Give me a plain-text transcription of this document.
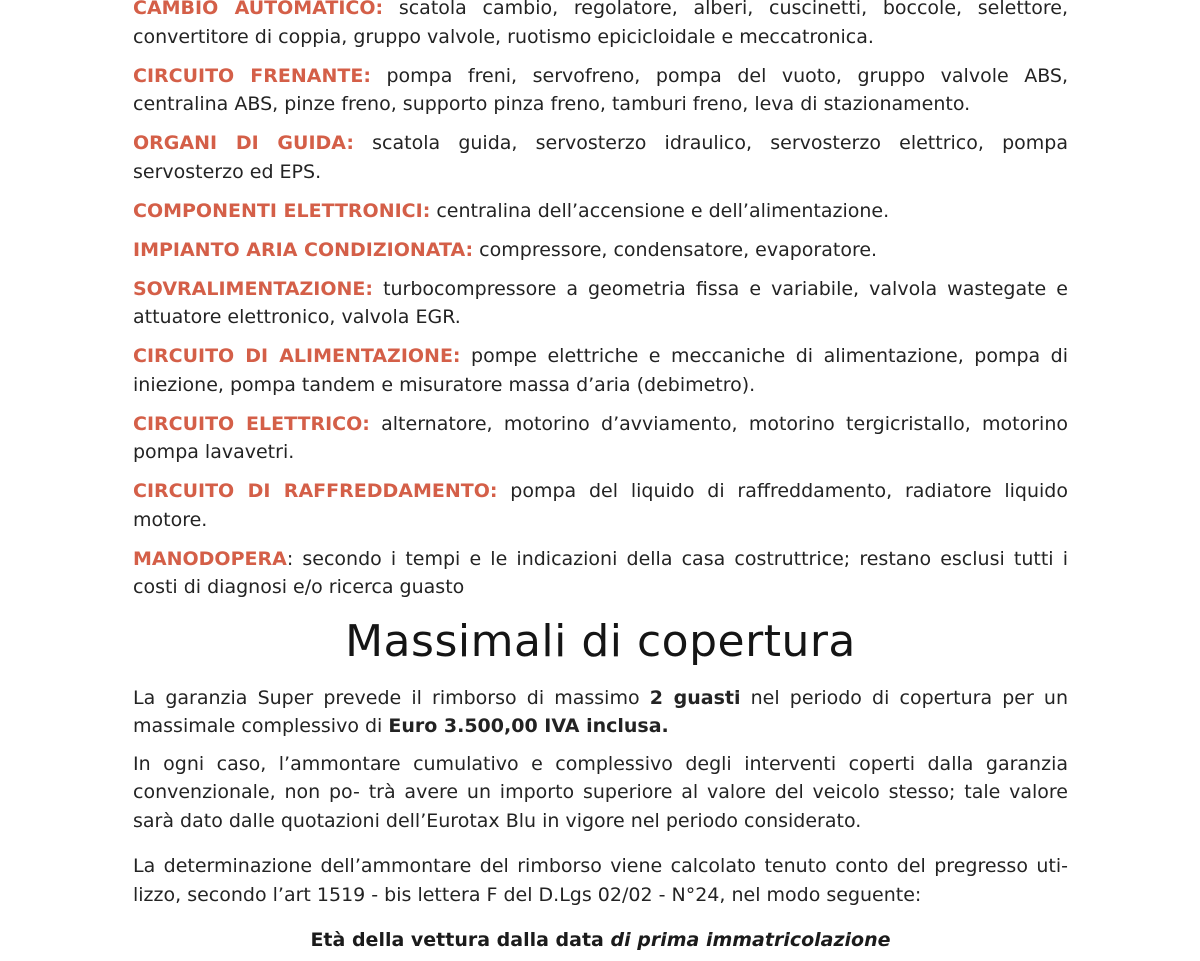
CAMBIO AUTOMATICO: scatola cambio, regolatore, alberi, cuscinetti, boccole, selettore, convertitore di coppia, gruppo valvole, ruotismo epicicloidale e meccatronica.

CIRCUITO FRENANTE: pompa freni, servofreno, pompa del vuoto, gruppo valvole ABS, centralina ABS, pinze freno, supporto pinza freno, tamburi freno, leva di stazionamento.

ORGANI DI GUIDA: scatola guida, servosterzo idraulico, servosterzo elettrico, pompa servosterzo ed EPS.

COMPONENTI ELETTRONICI: centralina dell’accensione e dell’alimentazione.

IMPIANTO ARIA CONDIZIONATA: compressore, condensatore, evaporatore.

SOVRALIMENTAZIONE: turbocompressore a geometria fissa e variabile, valvola wastegate e attuatore elettronico, valvola EGR.

CIRCUITO DI ALIMENTAZIONE: pompe elettriche e meccaniche di alimentazione, pompa di iniezione, pompa tandem e misuratore massa d’aria (debimetro).

CIRCUITO ELETTRICO: alternatore, motorino d’avviamento, motorino tergicristallo, motorino pompa lavavetri.

CIRCUITO DI RAFFREDDAMENTO: pompa del liquido di raffreddamento, radiatore liquido motore.

MANODOPERA: secondo i tempi e le indicazioni della casa costruttrice; restano esclusi tutti i costi di diagnosi e/o ricerca guasto

Massimali di copertura

La garanzia Super prevede il rimborso di massimo 2 guasti nel periodo di copertura per un massimale complessivo di Euro 3.500,00 IVA inclusa.

In ogni caso, l’ammontare cumulativo e complessivo degli interventi coperti dalla garanzia convenzionale, non po- trà avere un importo superiore al valore del veicolo stesso; tale valore sarà dato dalle quotazioni dell’Eurotax Blu in vigore nel periodo considerato.

La determinazione dell’ammontare del rimborso viene calcolato tenuto conto del pregresso uti- lizzo, secondo l’art 1519 - bis lettera F del D.Lgs 02/02 - N°24, nel modo seguente:

Età della vettura dalla data di prima immatricolazione
